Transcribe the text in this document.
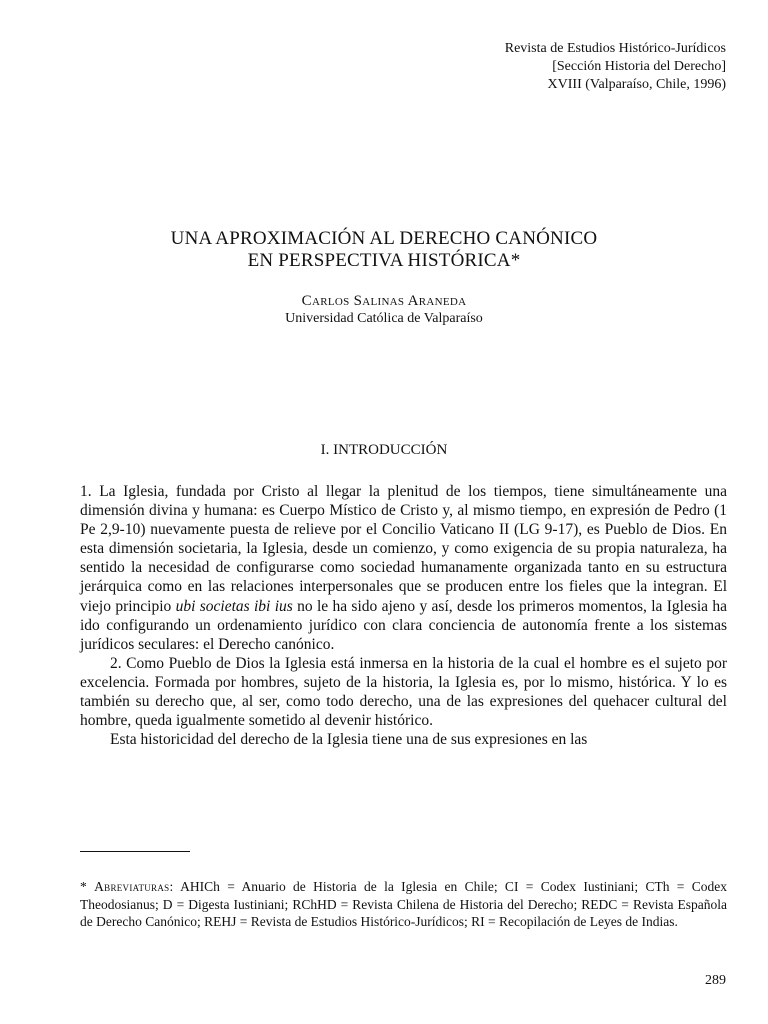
Revista de Estudios Histórico-Jurídicos
[Sección Historia del Derecho]
XVIII (Valparaíso, Chile, 1996)
UNA APROXIMACIÓN AL DERECHO CANÓNICO
EN PERSPECTIVA HISTÓRICA*
Carlos Salinas Araneda
Universidad Católica de Valparaíso
I. INTRODUCCIÓN

1. La Iglesia, fundada por Cristo al llegar la plenitud de los tiempos, tiene simultáneamente una dimensión divina y humana: es Cuerpo Místico de Cristo y, al mismo tiempo, en expresión de Pedro (1 Pe 2,9-10) nuevamente puesta de relieve por el Concilio Vaticano II (LG 9-17), es Pueblo de Dios. En esta dimensión societaria, la Iglesia, desde un comienzo, y como exigencia de su propia naturaleza, ha sentido la necesidad de configurarse como sociedad humanamente organizada tanto en su estructura jerárquica como en las relaciones interpersonales que se producen entre los fieles que la integran. El viejo principio ubi societas ibi ius no le ha sido ajeno y así, desde los primeros momentos, la Iglesia ha ido configurando un ordenamiento jurídico con clara conciencia de autonomía frente a los sistemas jurídicos seculares: el Derecho canónico.

2. Como Pueblo de Dios la Iglesia está inmersa en la historia de la cual el hombre es el sujeto por excelencia. Formada por hombres, sujeto de la historia, la Iglesia es, por lo mismo, histórica. Y lo es también su derecho que, al ser, como todo derecho, una de las expresiones del quehacer cultural del hombre, queda igualmente sometido al devenir histórico.

Esta historicidad del derecho de la Iglesia tiene una de sus expresiones en las

* Abreviaturas: AHICh = Anuario de Historia de la Iglesia en Chile; CI = Codex Iustiniani; CTh = Codex Theodosianus; D = Digesta Iustiniani; RChHD = Revista Chilena de Historia del Derecho; REDC = Revista Española de Derecho Canónico; REHJ = Revista de Estudios Histórico-Jurídicos; RI = Recopilación de Leyes de Indias.
289
